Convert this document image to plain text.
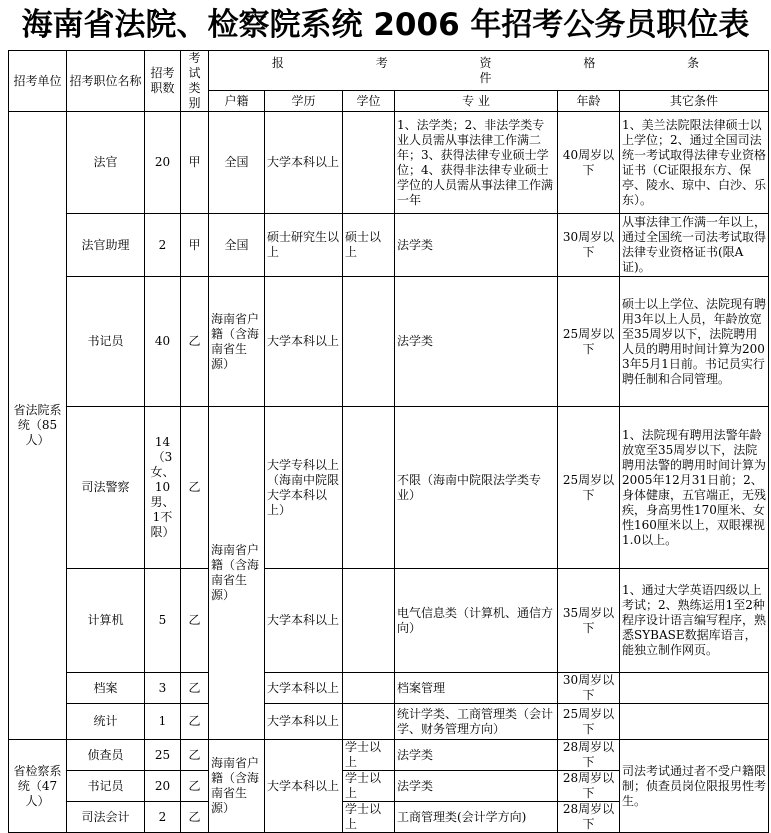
海南省法院、检察院系统 2006 年招考公务员职位表
招考单位	招考职位名称	招考职数	考试类别	报 考 资 格 条 件					
				户籍	学历	学位	专 业	年龄	其它条件
省法院系统（85人）	法官	20	甲	全国	大学本科以上		1、法学类；2、非法学类专业人员需从事法律工作满二年；3、获得法律专业硕士学位；4、获得非法律专业硕士学位的人员需从事法律工作满一年	40周岁以下	1、美兰法院限法律硕士以上学位；2、通过全国司法统一考试取得法律专业资格证书（C证限报东方、保亭、陵水、琼中、白沙、乐东）。
	法官助理	2	甲	全国	硕士研究生以上	硕士以上	法学类	30周岁以下	从事法律工作满一年以上，通过全国统一司法考试取得法律专业资格证书(限A证)。
	书记员	40	乙	海南省户籍（含海南省生源）	大学本科以上		法学类	25周岁以下	硕士以上学位、法院现有聘用3年以上人员，年龄放宽至35周岁以下，法院聘用人员的聘用时间计算为2003年5月1日前。书记员实行聘任制和合同管理。
	司法警察	14（3女、10男、1不限）	乙	海南省户籍（含海南省生源）	大学专科以上（海南中院限大学本科以上）		不限（海南中院限法学类专业）	25周岁以下	1、法院现有聘用法警年龄放宽至35周岁以下，法院聘用法警的聘用时间计算为2005年12月31日前；2、身体健康，五官端正，无残疾，身高男性170厘米、女性160厘米以上，双眼裸视1.0以上。
	计算机	5	乙		大学本科以上		电气信息类（计算机、通信方向）	35周岁以下	1、通过大学英语四级以上考试；2、熟练运用1至2种程序设计语言编写程序，熟悉SYBASE数据库语言，能独立制作网页。
	档案	3	乙		大学本科以上		档案管理	30周岁以下	
	统计	1	乙		大学本科以上		统计学类、工商管理类（会计学、财务管理方向）	25周岁以下	
省检察系统（47人）	侦查员	25	乙	海南省户籍（含海南省生源）	大学本科以上	学士以上	法学类	28周岁以下	司法考试通过者不受户籍限制；侦查员岗位限报男性考生。
	书记员	20	乙			学士以上	法学类	28周岁以下	
	司法会计	2	乙			学士以上	工商管理类(会计学方向)	28周岁以下	
